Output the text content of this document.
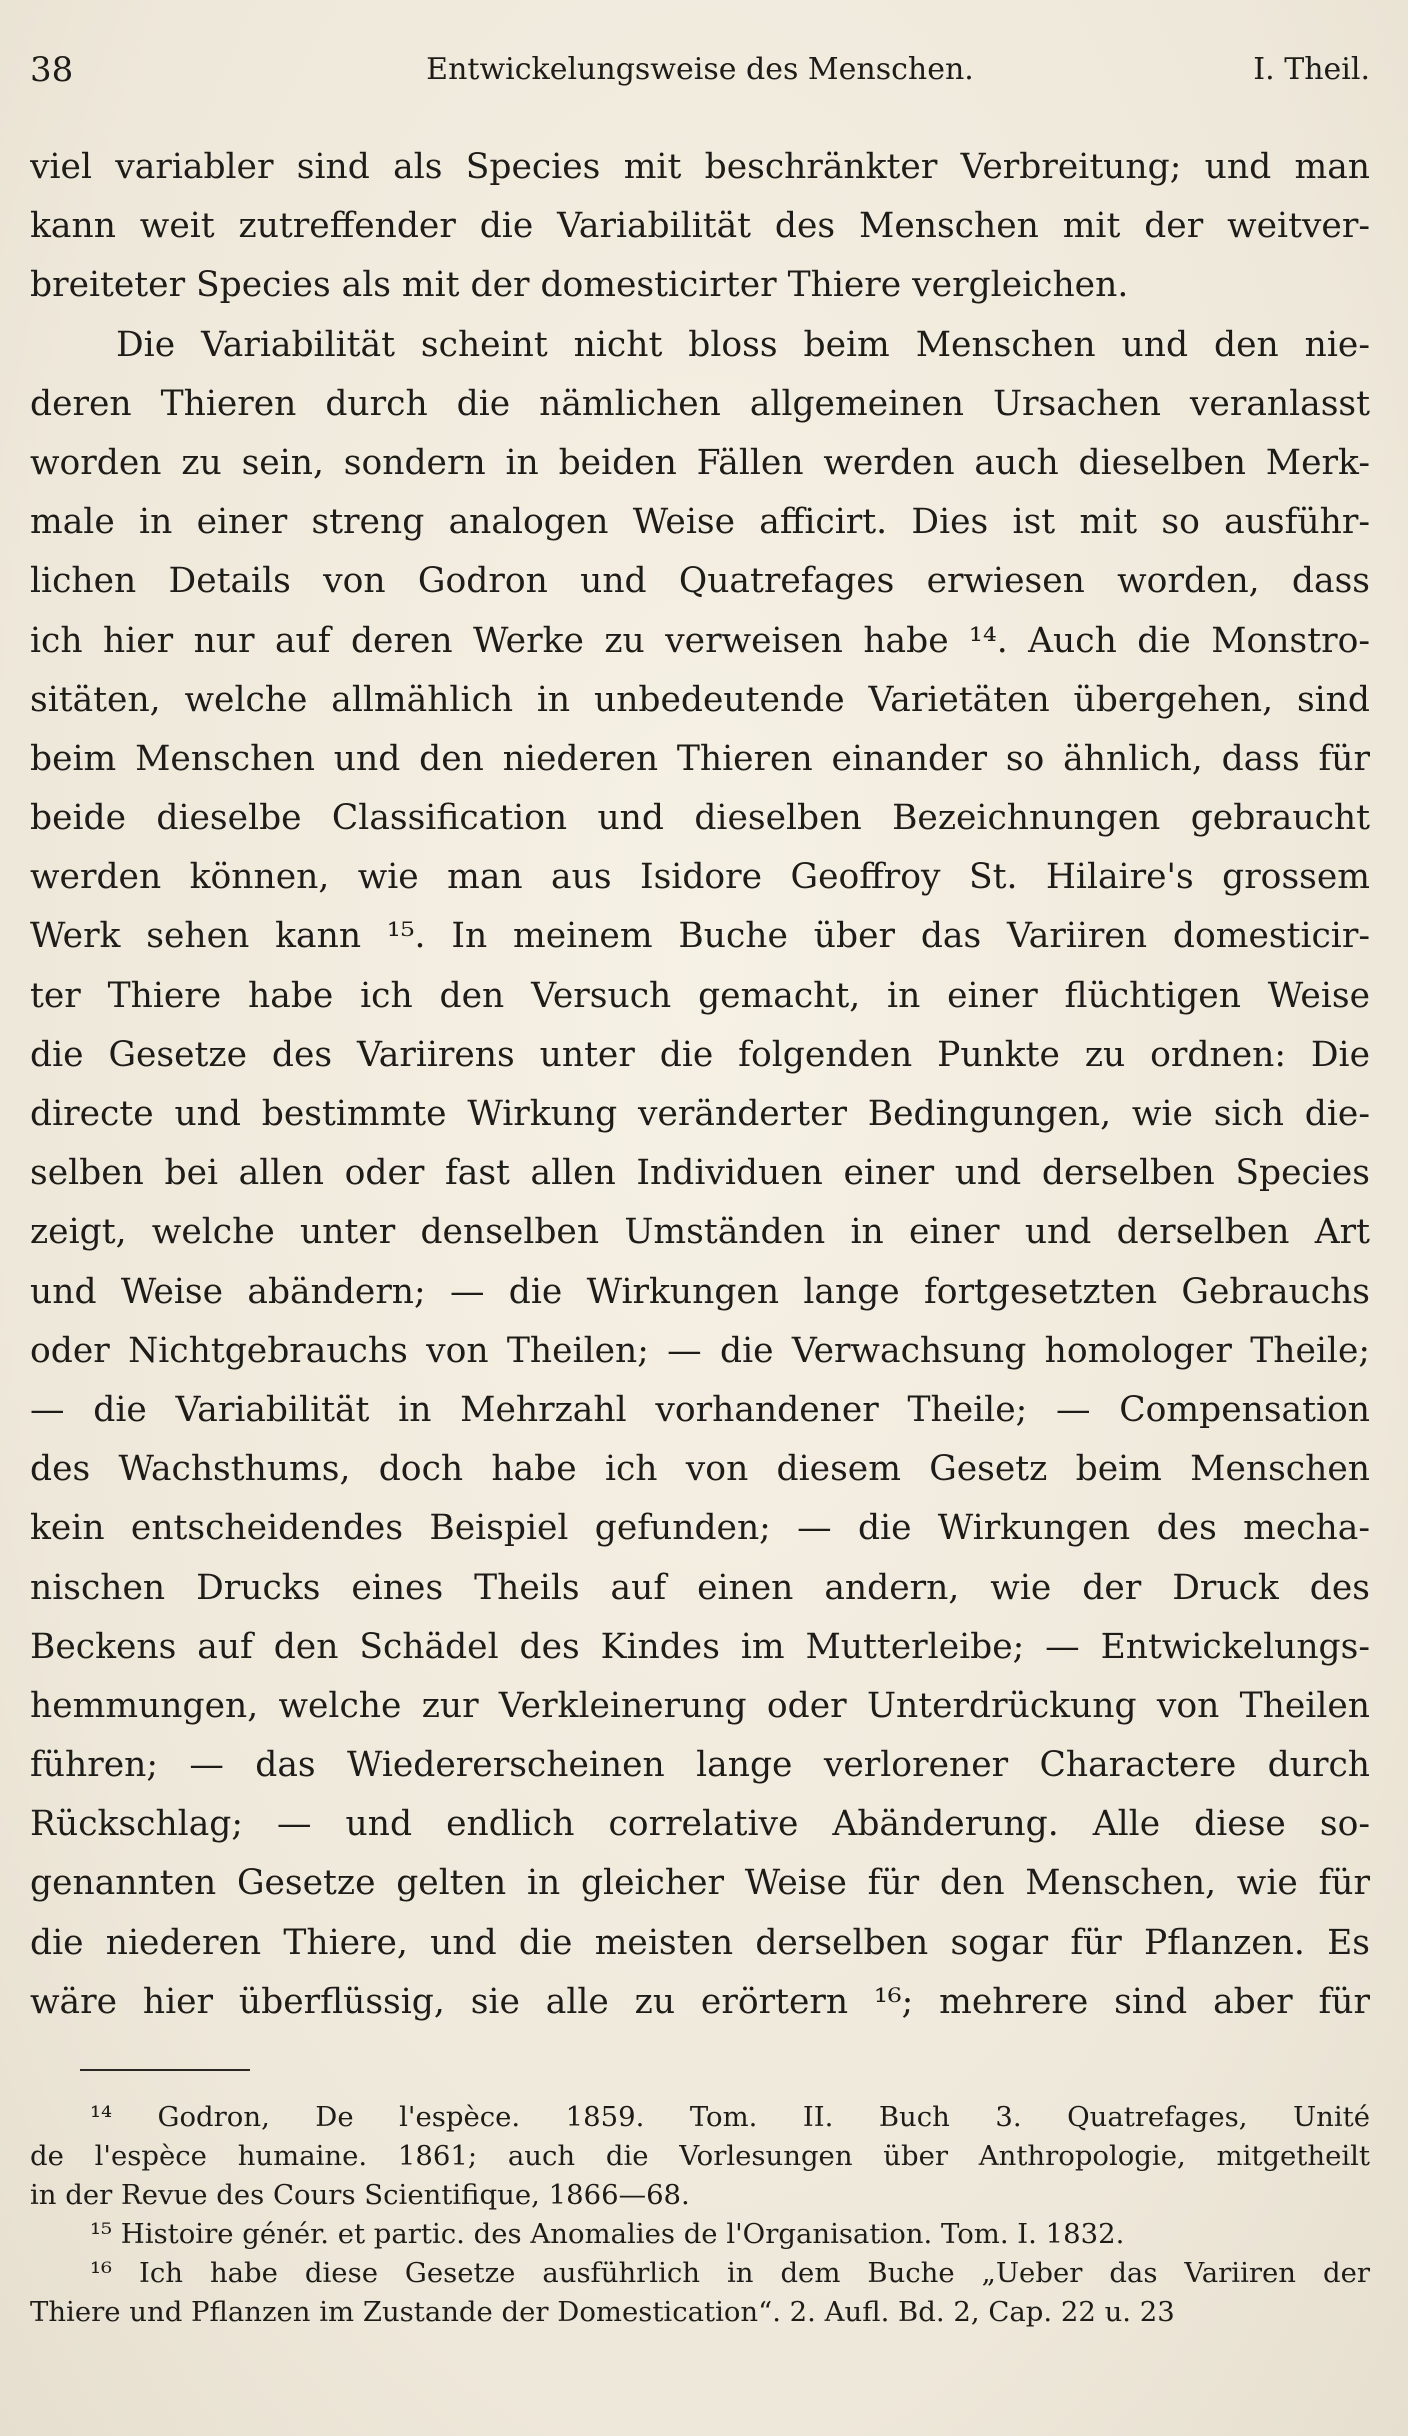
38	Entwickelungsweise des Menschen.	I. Theil.
viel variabler sind als Species mit beschränkter Verbreitung; und man
kann weit zutreffender die Variabilität des Menschen mit der weitver-
breiteter Species als mit der domesticirter Thiere vergleichen.
Die Variabilität scheint nicht bloss beim Menschen und den nie-
deren Thieren durch die nämlichen allgemeinen Ursachen veranlasst
worden zu sein, sondern in beiden Fällen werden auch dieselben Merk-
male in einer streng analogen Weise afficirt. Dies ist mit so ausführ-
lichen Details von Godron und Quatrefages erwiesen worden, dass
ich hier nur auf deren Werke zu verweisen habe ¹⁴. Auch die Monstro-
sitäten, welche allmählich in unbedeutende Varietäten übergehen, sind
beim Menschen und den niederen Thieren einander so ähnlich, dass für
beide dieselbe Classification und dieselben Bezeichnungen gebraucht
werden können, wie man aus Isidore Geoffroy St. Hilaire's grossem
Werk sehen kann ¹⁵. In meinem Buche über das Variiren domesticir-
ter Thiere habe ich den Versuch gemacht, in einer flüchtigen Weise
die Gesetze des Variirens unter die folgenden Punkte zu ordnen: Die
directe und bestimmte Wirkung veränderter Bedingungen, wie sich die-
selben bei allen oder fast allen Individuen einer und derselben Species
zeigt, welche unter denselben Umständen in einer und derselben Art
und Weise abändern; — die Wirkungen lange fortgesetzten Gebrauchs
oder Nichtgebrauchs von Theilen; — die Verwachsung homologer Theile;
— die Variabilität in Mehrzahl vorhandener Theile; — Compensation
des Wachsthums, doch habe ich von diesem Gesetz beim Menschen
kein entscheidendes Beispiel gefunden; — die Wirkungen des mecha-
nischen Drucks eines Theils auf einen andern, wie der Druck des
Beckens auf den Schädel des Kindes im Mutterleibe; — Entwickelungs-
hemmungen, welche zur Verkleinerung oder Unterdrückung von Theilen
führen; — das Wiedererscheinen lange verlorener Charactere durch
Rückschlag; — und endlich correlative Abänderung. Alle diese so-
genannten Gesetze gelten in gleicher Weise für den Menschen, wie für
die niederen Thiere, und die meisten derselben sogar für Pflanzen. Es
wäre hier überflüssig, sie alle zu erörtern ¹⁶; mehrere sind aber für
¹⁴ Godron, De l'espèce. 1859. Tom. II. Buch 3. Quatrefages, Unité
de l'espèce humaine. 1861; auch die Vorlesungen über Anthropologie, mitgetheilt
in der Revue des Cours Scientifique, 1866—68.
¹⁵ Histoire génér. et partic. des Anomalies de l'Organisation. Tom. I. 1832.
¹⁶ Ich habe diese Gesetze ausführlich in dem Buche „Ueber das Variiren der
Thiere und Pflanzen im Zustande der Domestication“. 2. Aufl. Bd. 2, Cap. 22 u. 23
